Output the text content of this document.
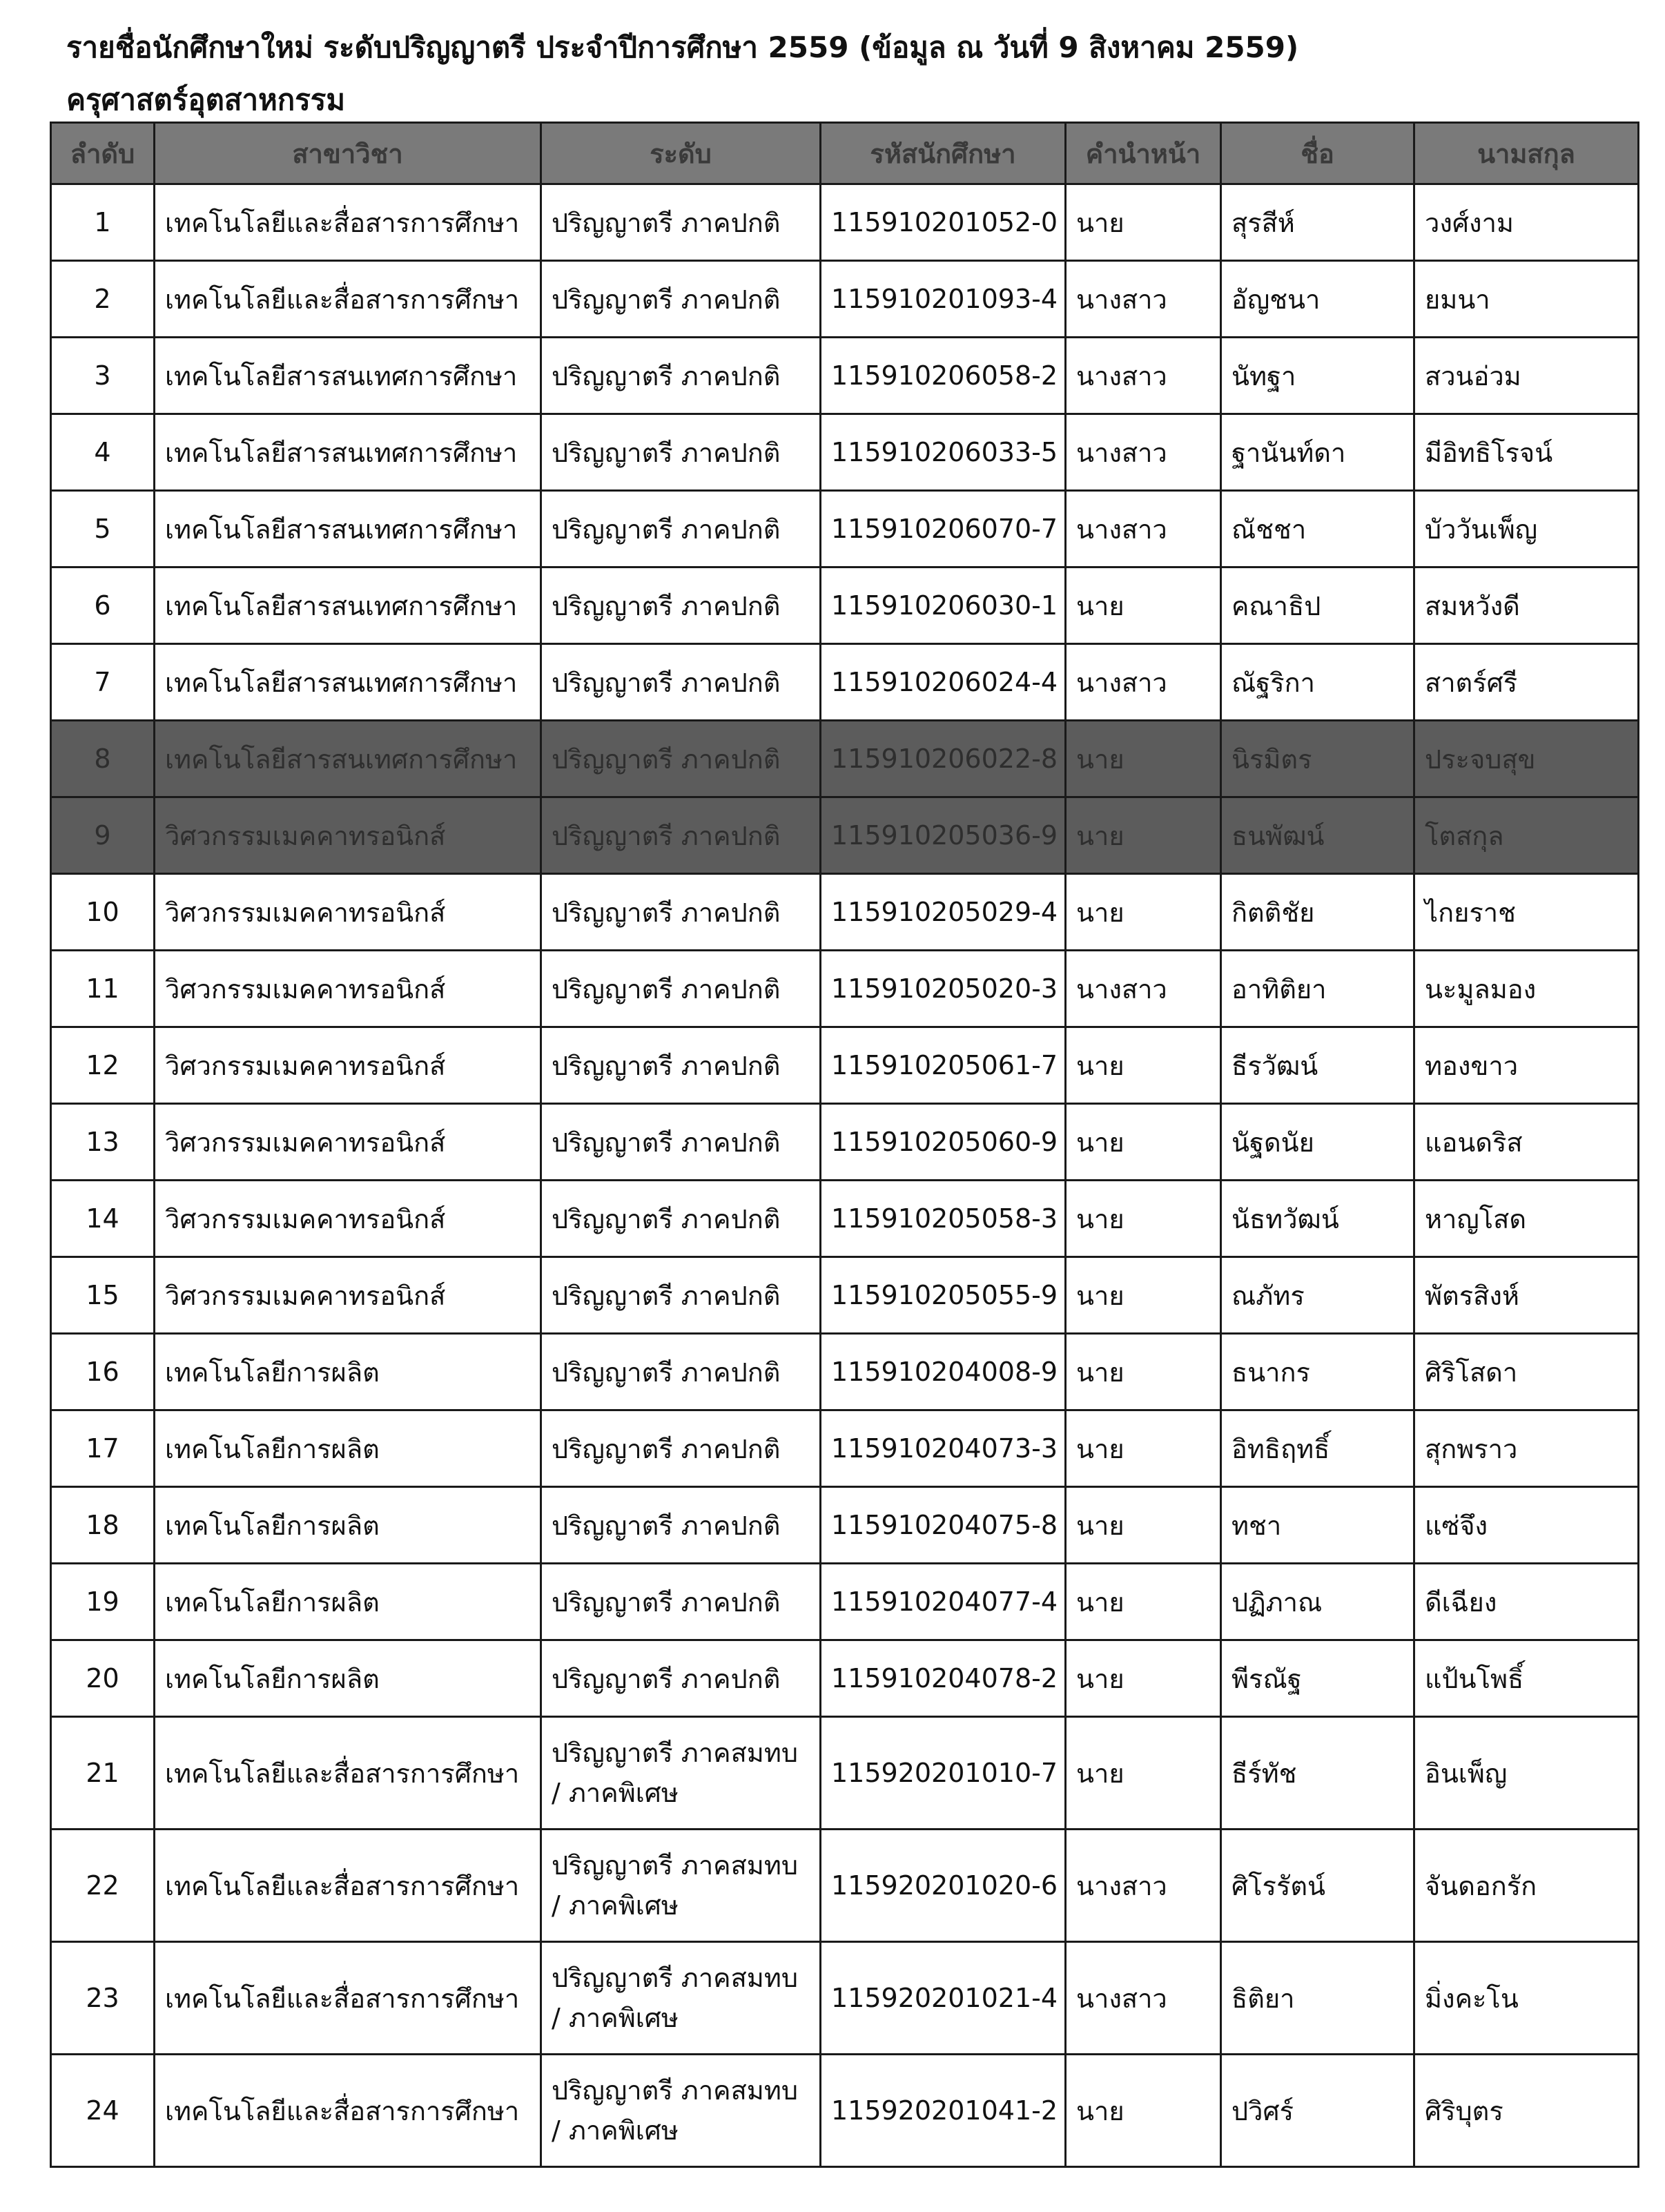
รายชื่อนักศึกษาใหม่ ระดับปริญญาตรี ประจำปีการศึกษา 2559 (ข้อมูล ณ วันที่ 9 สิงหาคม 2559)
ครุศาสตร์อุตสาหกรรม
ลำดับ	สาขาวิชา	ระดับ	รหัสนักศึกษา	คำนำหน้า	ชื่อ	นามสกุล
1	เทคโนโลยีและสื่อสารการศึกษา	ปริญญาตรี ภาคปกติ	115910201052-0	นาย	สุรสีห์	วงศ์งาม
2	เทคโนโลยีและสื่อสารการศึกษา	ปริญญาตรี ภาคปกติ	115910201093-4	นางสาว	อัญชนา	ยมนา
3	เทคโนโลยีสารสนเทศการศึกษา	ปริญญาตรี ภาคปกติ	115910206058-2	นางสาว	นัทฐา	สวนอ่วม
4	เทคโนโลยีสารสนเทศการศึกษา	ปริญญาตรี ภาคปกติ	115910206033-5	นางสาว	ฐานันท์ดา	มีอิทธิโรจน์
5	เทคโนโลยีสารสนเทศการศึกษา	ปริญญาตรี ภาคปกติ	115910206070-7	นางสาว	ณัชชา	บัววันเพ็ญ
6	เทคโนโลยีสารสนเทศการศึกษา	ปริญญาตรี ภาคปกติ	115910206030-1	นาย	คณาธิป	สมหวังดี
7	เทคโนโลยีสารสนเทศการศึกษา	ปริญญาตรี ภาคปกติ	115910206024-4	นางสาว	ณัฐริกา	สาตร์ศรี
8	เทคโนโลยีสารสนเทศการศึกษา	ปริญญาตรี ภาคปกติ	115910206022-8	นาย	นิรมิตร	ประจบสุข
9	วิศวกรรมเมคคาทรอนิกส์	ปริญญาตรี ภาคปกติ	115910205036-9	นาย	ธนพัฒน์	โตสกุล
10	วิศวกรรมเมคคาทรอนิกส์	ปริญญาตรี ภาคปกติ	115910205029-4	นาย	กิตติชัย	ไกยราช
11	วิศวกรรมเมคคาทรอนิกส์	ปริญญาตรี ภาคปกติ	115910205020-3	นางสาว	อาทิติยา	นะมูลมอง
12	วิศวกรรมเมคคาทรอนิกส์	ปริญญาตรี ภาคปกติ	115910205061-7	นาย	ธีรวัฒน์	ทองขาว
13	วิศวกรรมเมคคาทรอนิกส์	ปริญญาตรี ภาคปกติ	115910205060-9	นาย	นัฐดนัย	แอนดริส
14	วิศวกรรมเมคคาทรอนิกส์	ปริญญาตรี ภาคปกติ	115910205058-3	นาย	นัธทวัฒน์	หาญโสด
15	วิศวกรรมเมคคาทรอนิกส์	ปริญญาตรี ภาคปกติ	115910205055-9	นาย	ณภัทร	พัตรสิงห์
16	เทคโนโลยีการผลิต	ปริญญาตรี ภาคปกติ	115910204008-9	นาย	ธนากร	ศิริโสดา
17	เทคโนโลยีการผลิต	ปริญญาตรี ภาคปกติ	115910204073-3	นาย	อิทธิฤทธิ์	สุกพราว
18	เทคโนโลยีการผลิต	ปริญญาตรี ภาคปกติ	115910204075-8	นาย	ทชา	แซ่จึง
19	เทคโนโลยีการผลิต	ปริญญาตรี ภาคปกติ	115910204077-4	นาย	ปฏิภาณ	ดีเฉียง
20	เทคโนโลยีการผลิต	ปริญญาตรี ภาคปกติ	115910204078-2	นาย	พีรณัฐ	แป้นโพธิ์
21	เทคโนโลยีและสื่อสารการศึกษา	ปริญญาตรี ภาคสมทบ / ภาคพิเศษ	115920201010-7	นาย	ธีร์ทัช	อินเพ็ญ
22	เทคโนโลยีและสื่อสารการศึกษา	ปริญญาตรี ภาคสมทบ / ภาคพิเศษ	115920201020-6	นางสาว	ศิโรรัตน์	จันดอกรัก
23	เทคโนโลยีและสื่อสารการศึกษา	ปริญญาตรี ภาคสมทบ / ภาคพิเศษ	115920201021-4	นางสาว	ธิติยา	มิ่งคะโน
24	เทคโนโลยีและสื่อสารการศึกษา	ปริญญาตรี ภาคสมทบ / ภาคพิเศษ	115920201041-2	นาย	ปวิศร์	ศิริบุตร
